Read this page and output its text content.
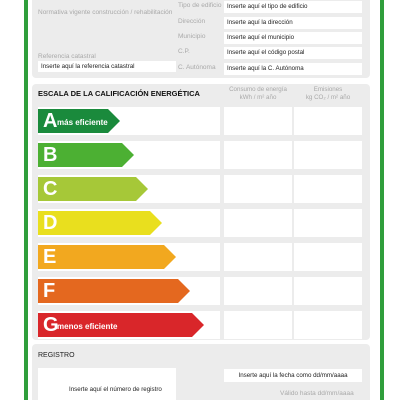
Normativa vigente construcción / rehabilitación
Referencia catastral
Inserte aquí la referencia catastral
Tipo de edificio Inserte aquí el tipo de edificio
Dirección	Inserte aquí la dirección
Municipio	Inserte aquí el municipio
C.P.	Inserte aquí el código postal
C. Autónoma	Inserte aquí la C. Autónoma
ESCALA DE LA CALIFICACIÓN ENERGÉTICA	Consumo de energía
kWh / m² año
Emisiones
kg CO₂ / m² año
A más eficiente
B
C
D
E
F
G
menos eficiente
REGISTRO
Inserte aquí el número de registro
Inserte aquí la fecha como dd/mm/aaaa
Válido hasta dd/mm/aaaa
